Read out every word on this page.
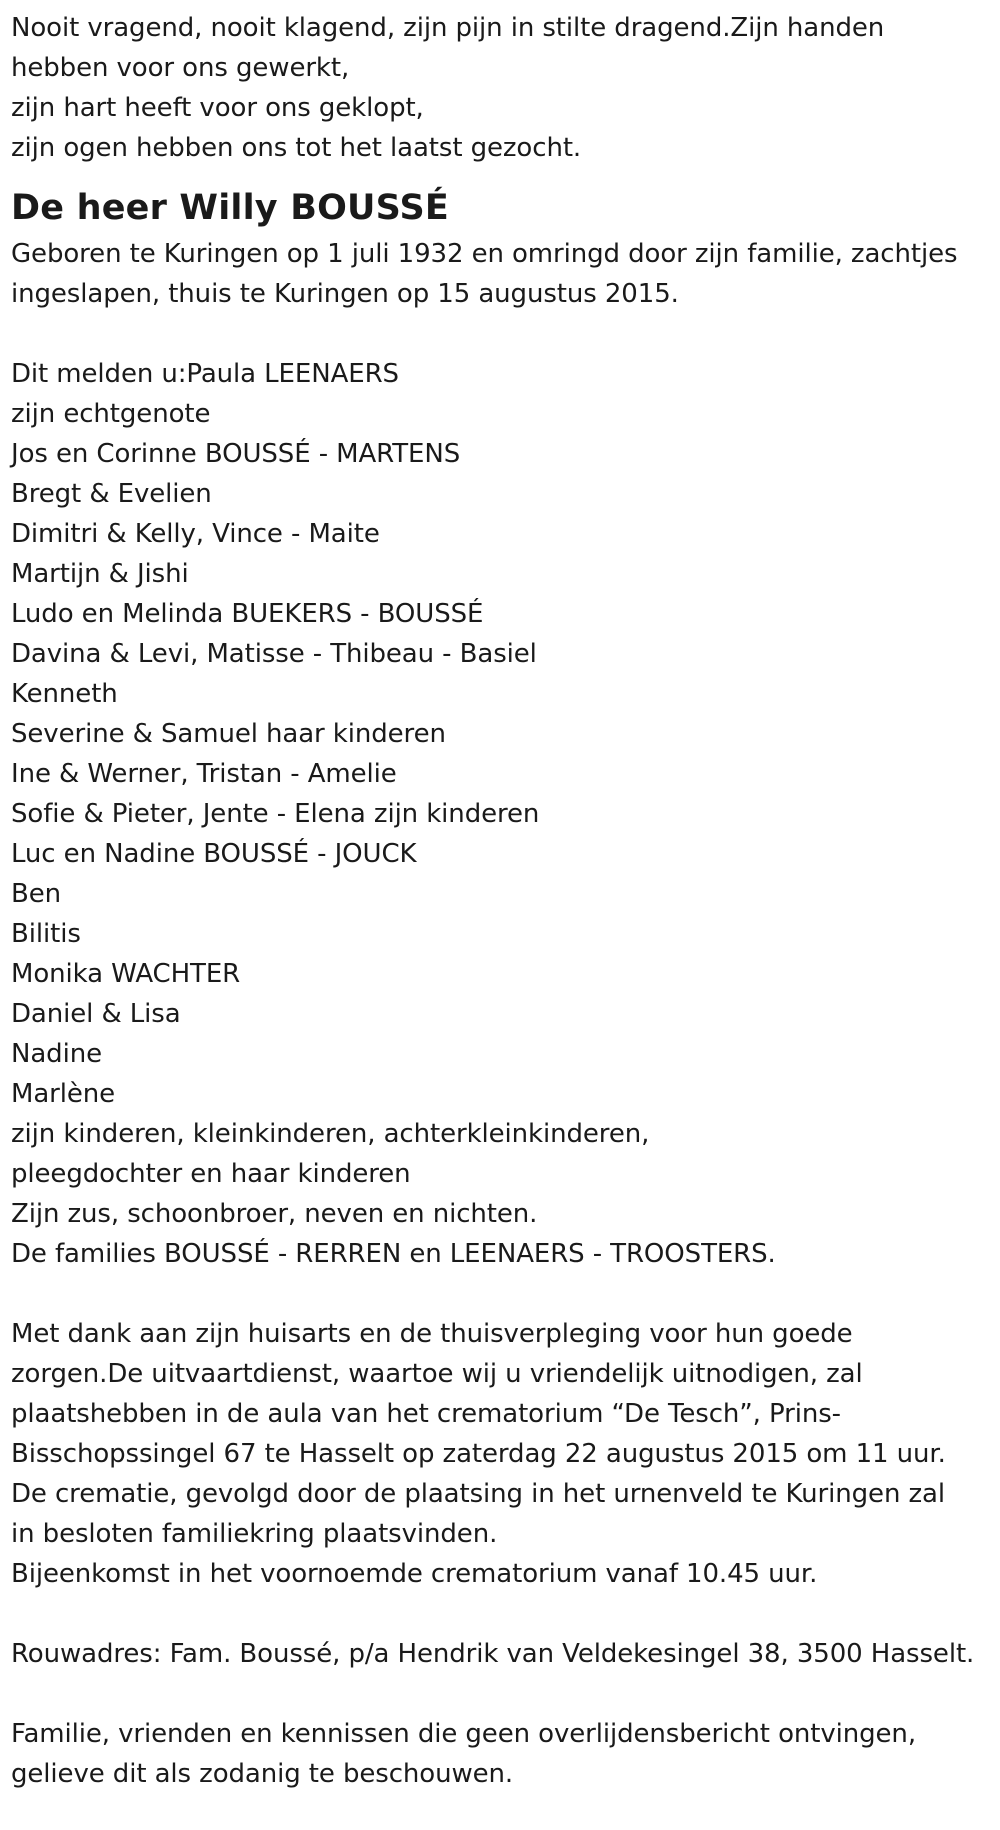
Nooit vragend, nooit klagend, zijn pijn in stilte dragend.Zijn handen
hebben voor ons gewerkt,
zijn hart heeft voor ons geklopt,
zijn ogen hebben ons tot het laatst gezocht.
De heer Willy BOUSSÉ
Geboren te Kuringen op 1 juli 1932 en omringd door zijn familie, zachtjes
ingeslapen, thuis te Kuringen op 15 augustus 2015.
Dit melden u:Paula LEENAERS
zijn echtgenote
Jos en Corinne BOUSSÉ - MARTENS
Bregt & Evelien
Dimitri & Kelly, Vince - Maite
Martijn & Jishi
Ludo en Melinda BUEKERS - BOUSSÉ
Davina & Levi, Matisse - Thibeau - Basiel
Kenneth
Severine & Samuel haar kinderen
Ine & Werner, Tristan - Amelie
Sofie & Pieter, Jente - Elena zijn kinderen
Luc en Nadine BOUSSÉ - JOUCK
Ben
Bilitis
Monika WACHTER
Daniel & Lisa
Nadine
Marlène
zijn kinderen, kleinkinderen, achterkleinkinderen,
pleegdochter en haar kinderen
Zijn zus, schoonbroer, neven en nichten.
De families BOUSSÉ - RERREN en LEENAERS - TROOSTERS.
Met dank aan zijn huisarts en de thuisverpleging voor hun goede
zorgen.De uitvaartdienst, waartoe wij u vriendelijk uitnodigen, zal
plaatshebben in de aula van het crematorium “De Tesch”, Prins-
Bisschopssingel 67 te Hasselt op zaterdag 22 augustus 2015 om 11 uur.
De crematie, gevolgd door de plaatsing in het urnenveld te Kuringen zal
in besloten familiekring plaatsvinden.
Bijeenkomst in het voornoemde crematorium vanaf 10.45 uur.
Rouwadres: Fam. Boussé, p/a Hendrik van Veldekesingel 38, 3500 Hasselt.
Familie, vrienden en kennissen die geen overlijdensbericht ontvingen,
gelieve dit als zodanig te beschouwen.
